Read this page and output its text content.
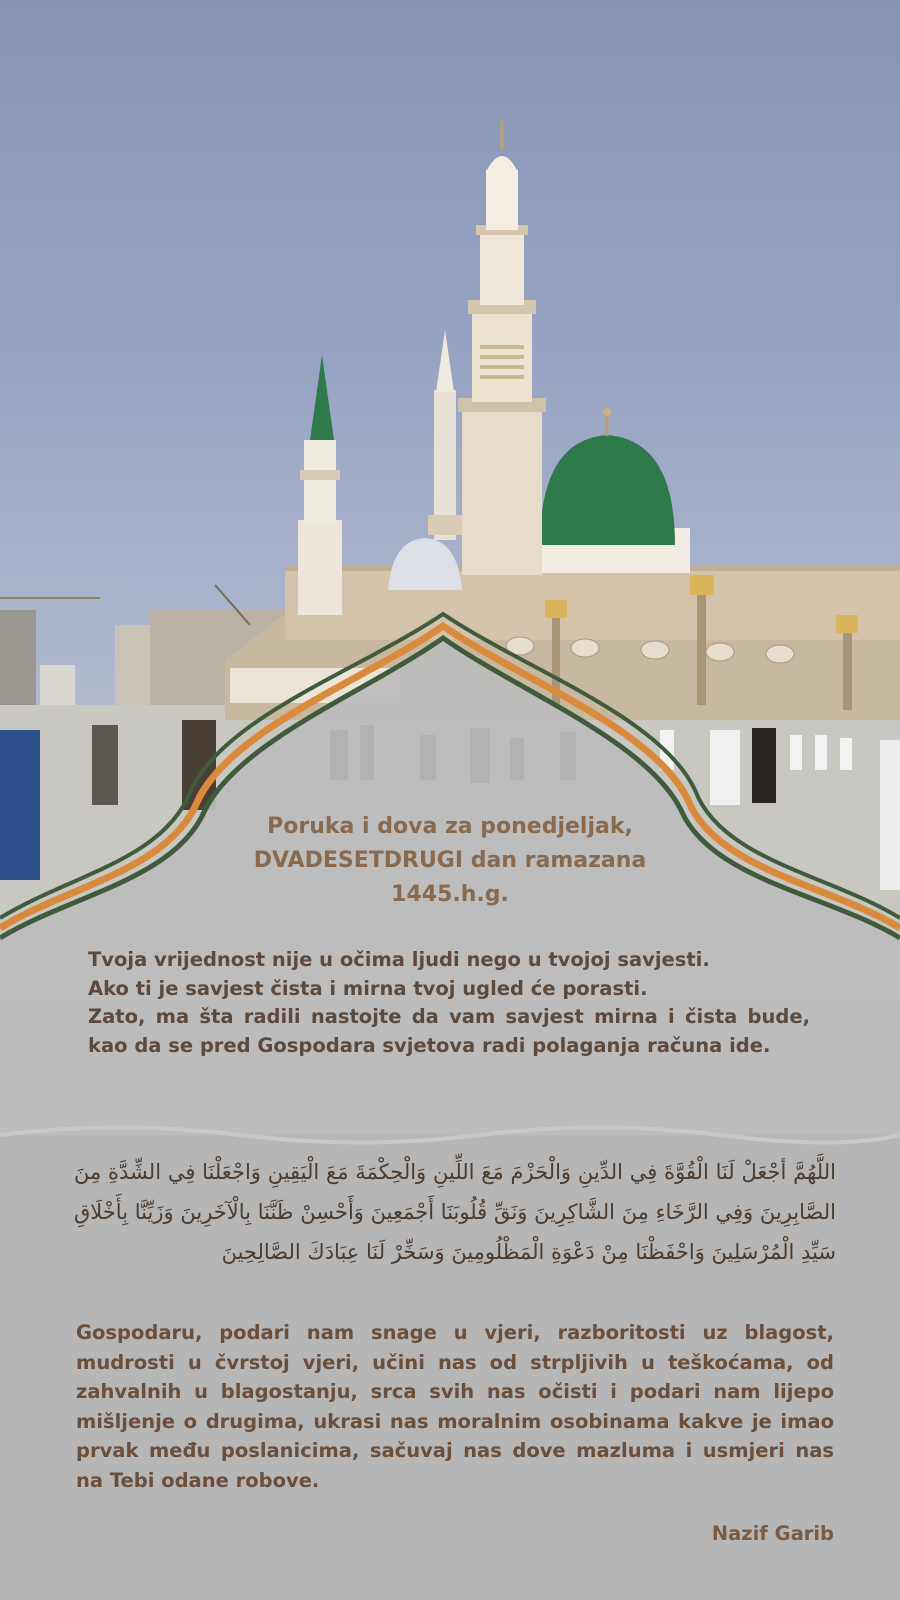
Poruka i dova za ponedjeljak,
DVADESETDRUGI dan ramazana
1445.h.g.
Tvoja vrijednost nije u očima ljudi nego u tvojoj savjesti.
Ako ti je savjest čista i mirna tvoj ugled će porasti.
Zato, ma šta radili nastojte da vam savjest mirna i čista bude, kao da se pred Gospodara svjetova radi polaganja računa ide.
اللَّهُمَّ أجْعَلْ لَنَا الْقُوَّةَ فِي الدِّينِ وَالْحَزْمَ مَعَ اللِّينِ وَالْحِكْمَةَ مَعَ الْيَقِينِ وَاجْعَلْنَا فِي الشِّدَّةِ مِنَ الصَّابِرِينَ وَفِي الرَّخَاءِ مِنَ الشَّاكِرِينَ وَنَقِّ قُلُوبَنَا أَجْمَعِينَ وَأَحْسِنْ ظَنَّنَا بِالْآخَرِينَ وَزَيِّنَّا بِأَخْلَاقِ سَيِّدِ الْمُرْسَلِينَ وَاحْفَظْنَا مِنْ دَعْوَةِ الْمَظْلُومِينَ وَسَخِّرْ لَنَا عِبَادَكَ الصَّالِحِينَ
Gospodaru, podari nam snage u vjeri, razboritosti uz blagost, mudrosti u čvrstoj vjeri, učini nas od strpljivih u teškoćama, od zahvalnih u blagostanju, srca svih nas očisti i podari nam lijepo mišljenje o drugima, ukrasi nas moralnim osobinama kakve je imao prvak među poslanicima, sačuvaj nas dove mazluma i usmjeri nas na Tebi odane robove.
Nazif Garib
